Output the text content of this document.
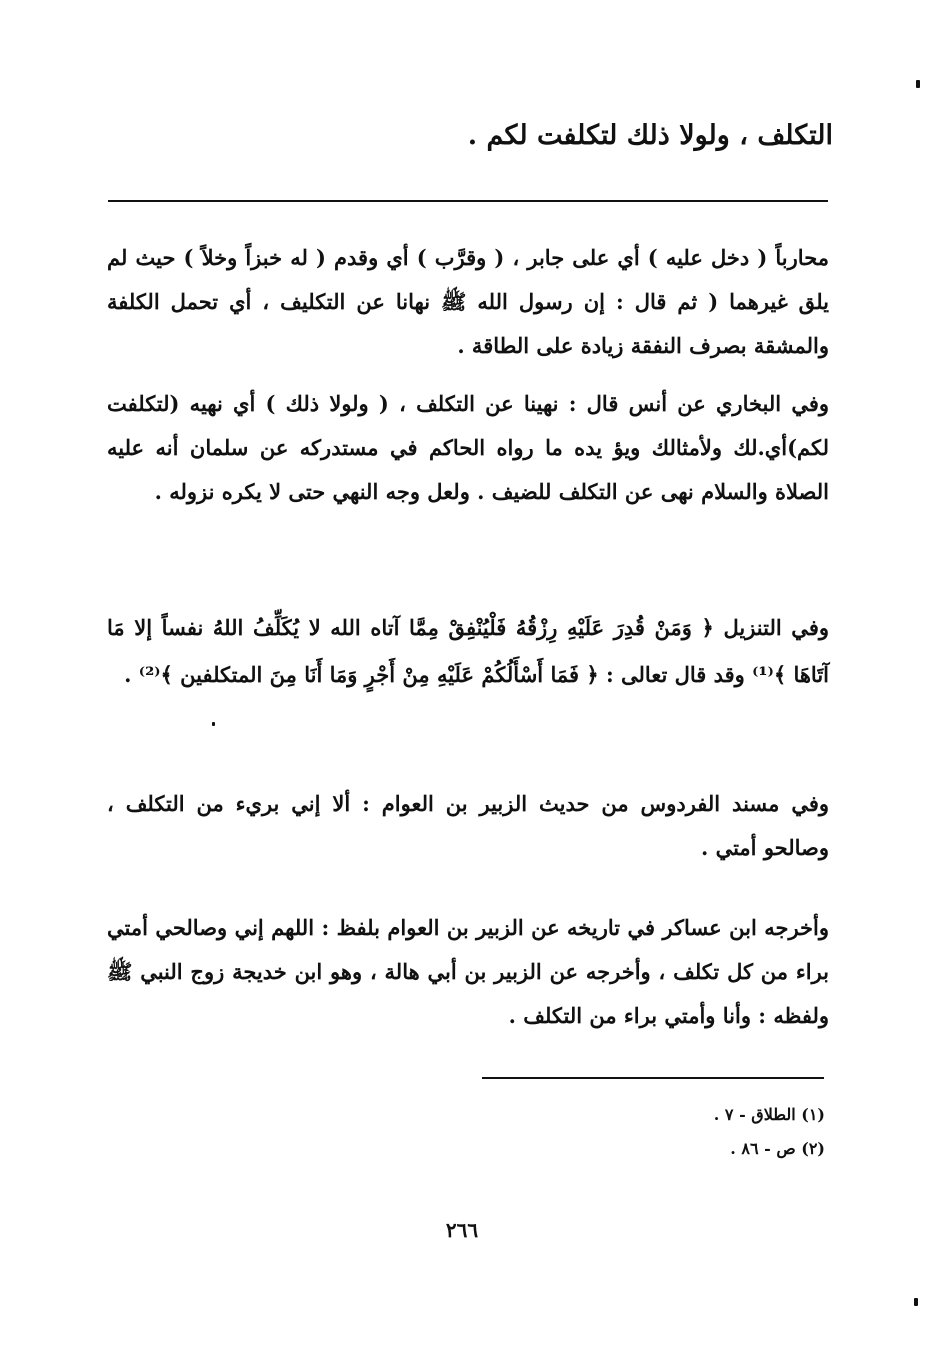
التكلف ، ولولا ذلك لتكلفت لكم .
محارباً ( دخل عليه ) أي على جابر ، ( وقرَّب ) أي وقدم ( له خبزاً وخلاً ) حيث لم يلق غيرهما ( ثم قال : إن رسول الله ﷺ نهانا عن التكليف ، أي تحمل الكلفة والمشقة بصرف النفقة زيادة على الطاقة .
وفي البخاري عن أنس قال : نهينا عن التكلف ، ( ولولا ذلك ) أي نهيه (لتكلفت لكم)أي.لك ولأمثالك ويؤ يده ما رواه الحاكم في مستدركه عن سلمان أنه عليه الصلاة والسلام نهى عن التكلف للضيف . ولعل وجه النهي حتى لا يكره نزوله .
وفي التنزيل ﴿ وَمَنْ قُدِرَ عَلَيْهِ رِزْقُهُ فَلْيُنْفِقْ مِمَّا آتاه الله لا يُكَلِّفُ اللهُ نفساً إلا مَا آتَاهَا ﴾⁽¹⁾ وقد قال تعالى : ﴿ فَمَا أَسْأَلُكُمْ عَلَيْهِ مِنْ أَجْرٍ وَمَا أَنَا مِنَ المتكلفين ﴾⁽²⁾ .
وفي مسند الفردوس من حديث الزبير بن العوام : ألا إني بريء من التكلف ، وصالحو أمتي .
وأخرجه ابن عساكر في تاريخه عن الزبير بن العوام بلفظ : اللهم إني وصالحي أمتي براء من كل تكلف ، وأخرجه عن الزبير بن أبي هالة ، وهو ابن خديجة زوج النبي ﷺ ولفظه : وأنا وأمتي براء من التكلف .
(١) الطلاق - ٧ .
(٢) ص - ٨٦ .
٢٦٦
